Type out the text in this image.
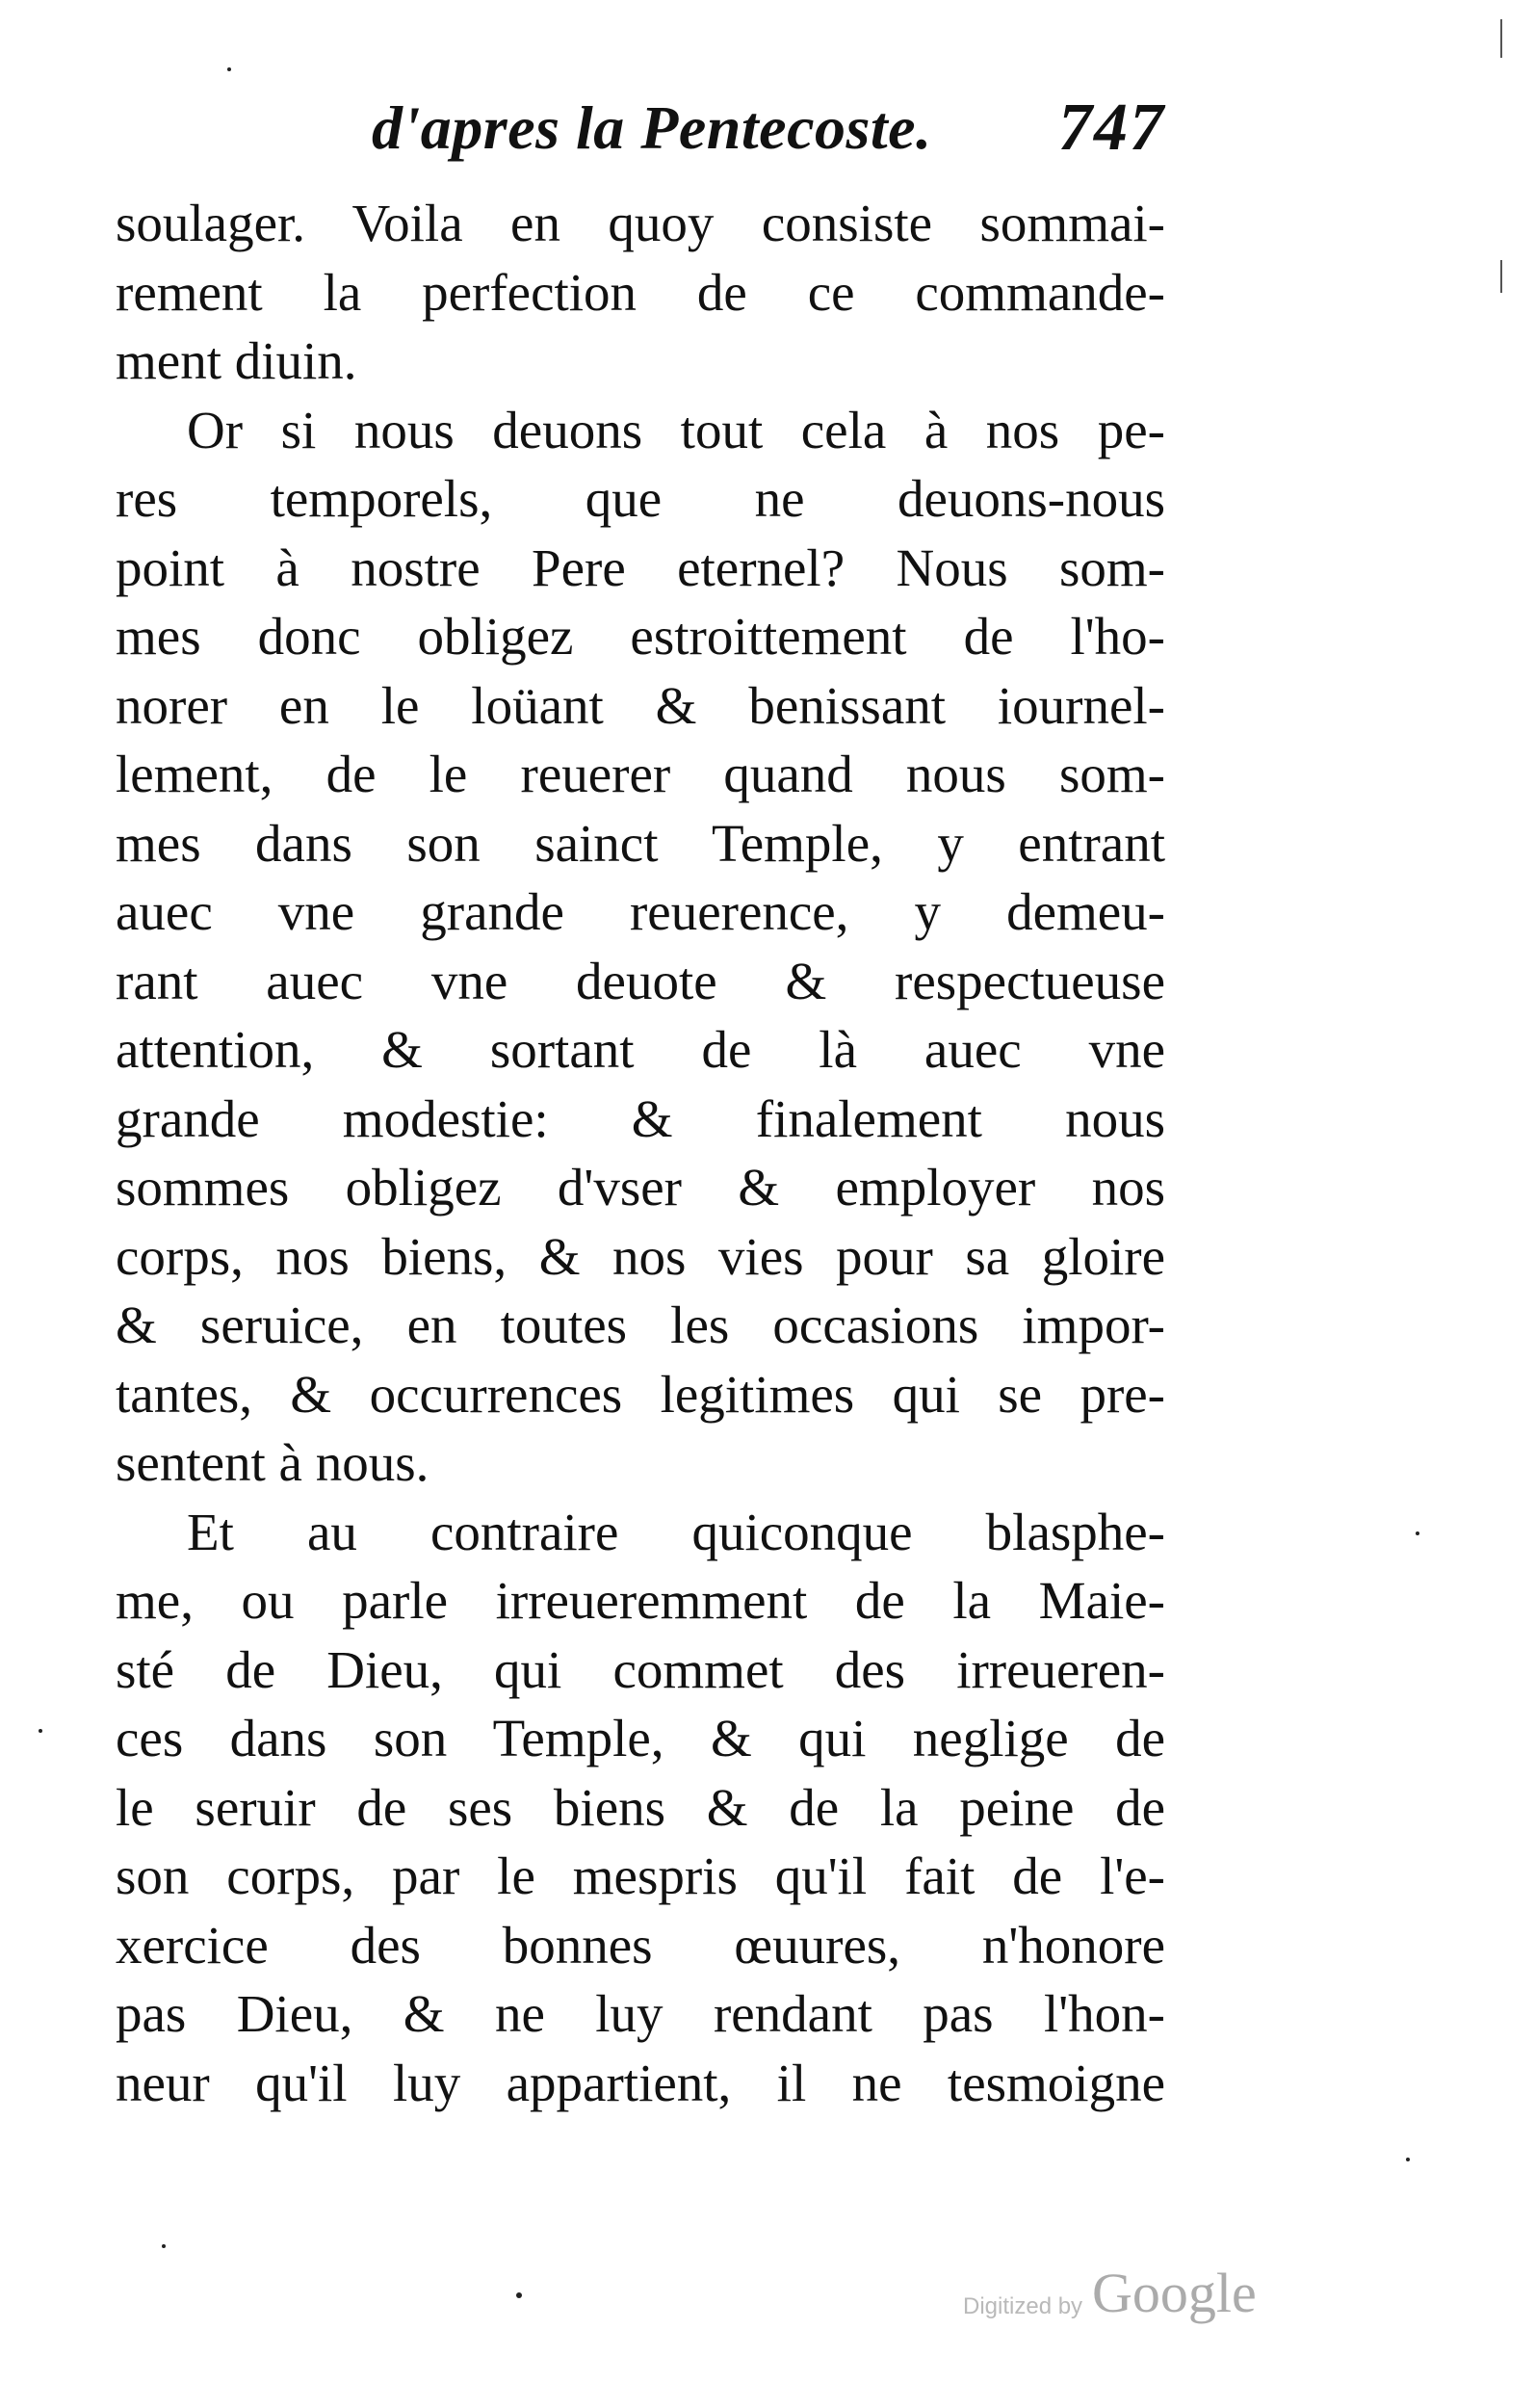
d'apres la Pentecoste. 747
soulager. Voila en quoy consiste sommai-
rement la perfection de ce commande-
ment diuin.
Or si nous deuons tout cela à nos pe-
res temporels, que ne deuons-nous
point à nostre Pere eternel? Nous som-
mes donc obligez estroittement de l'ho-
norer en le loüant & benissant iournel-
lement, de le reuerer quand nous som-
mes dans son sainct Temple, y entrant
auec vne grande reuerence, y demeu-
rant auec vne deuote & respectueuse
attention, & sortant de là auec vne
grande modestie: & finalement nous
sommes obligez d'vser & employer nos
corps, nos biens, & nos vies pour sa gloire
& seruice, en toutes les occasions impor-
tantes, & occurrences legitimes qui se pre-
sentent à nous.
Et au contraire quiconque blasphe-
me, ou parle irreueremment de la Maie-
sté de Dieu, qui commet des irreueren-
ces dans son Temple, & qui neglige de
le seruir de ses biens & de la peine de
son corps, par le mespris qu'il fait de l'e-
xercice des bonnes œuures, n'honore
pas Dieu, & ne luy rendant pas l'hon-
neur qu'il luy appartient, il ne tesmoigne
Digitized by Google
